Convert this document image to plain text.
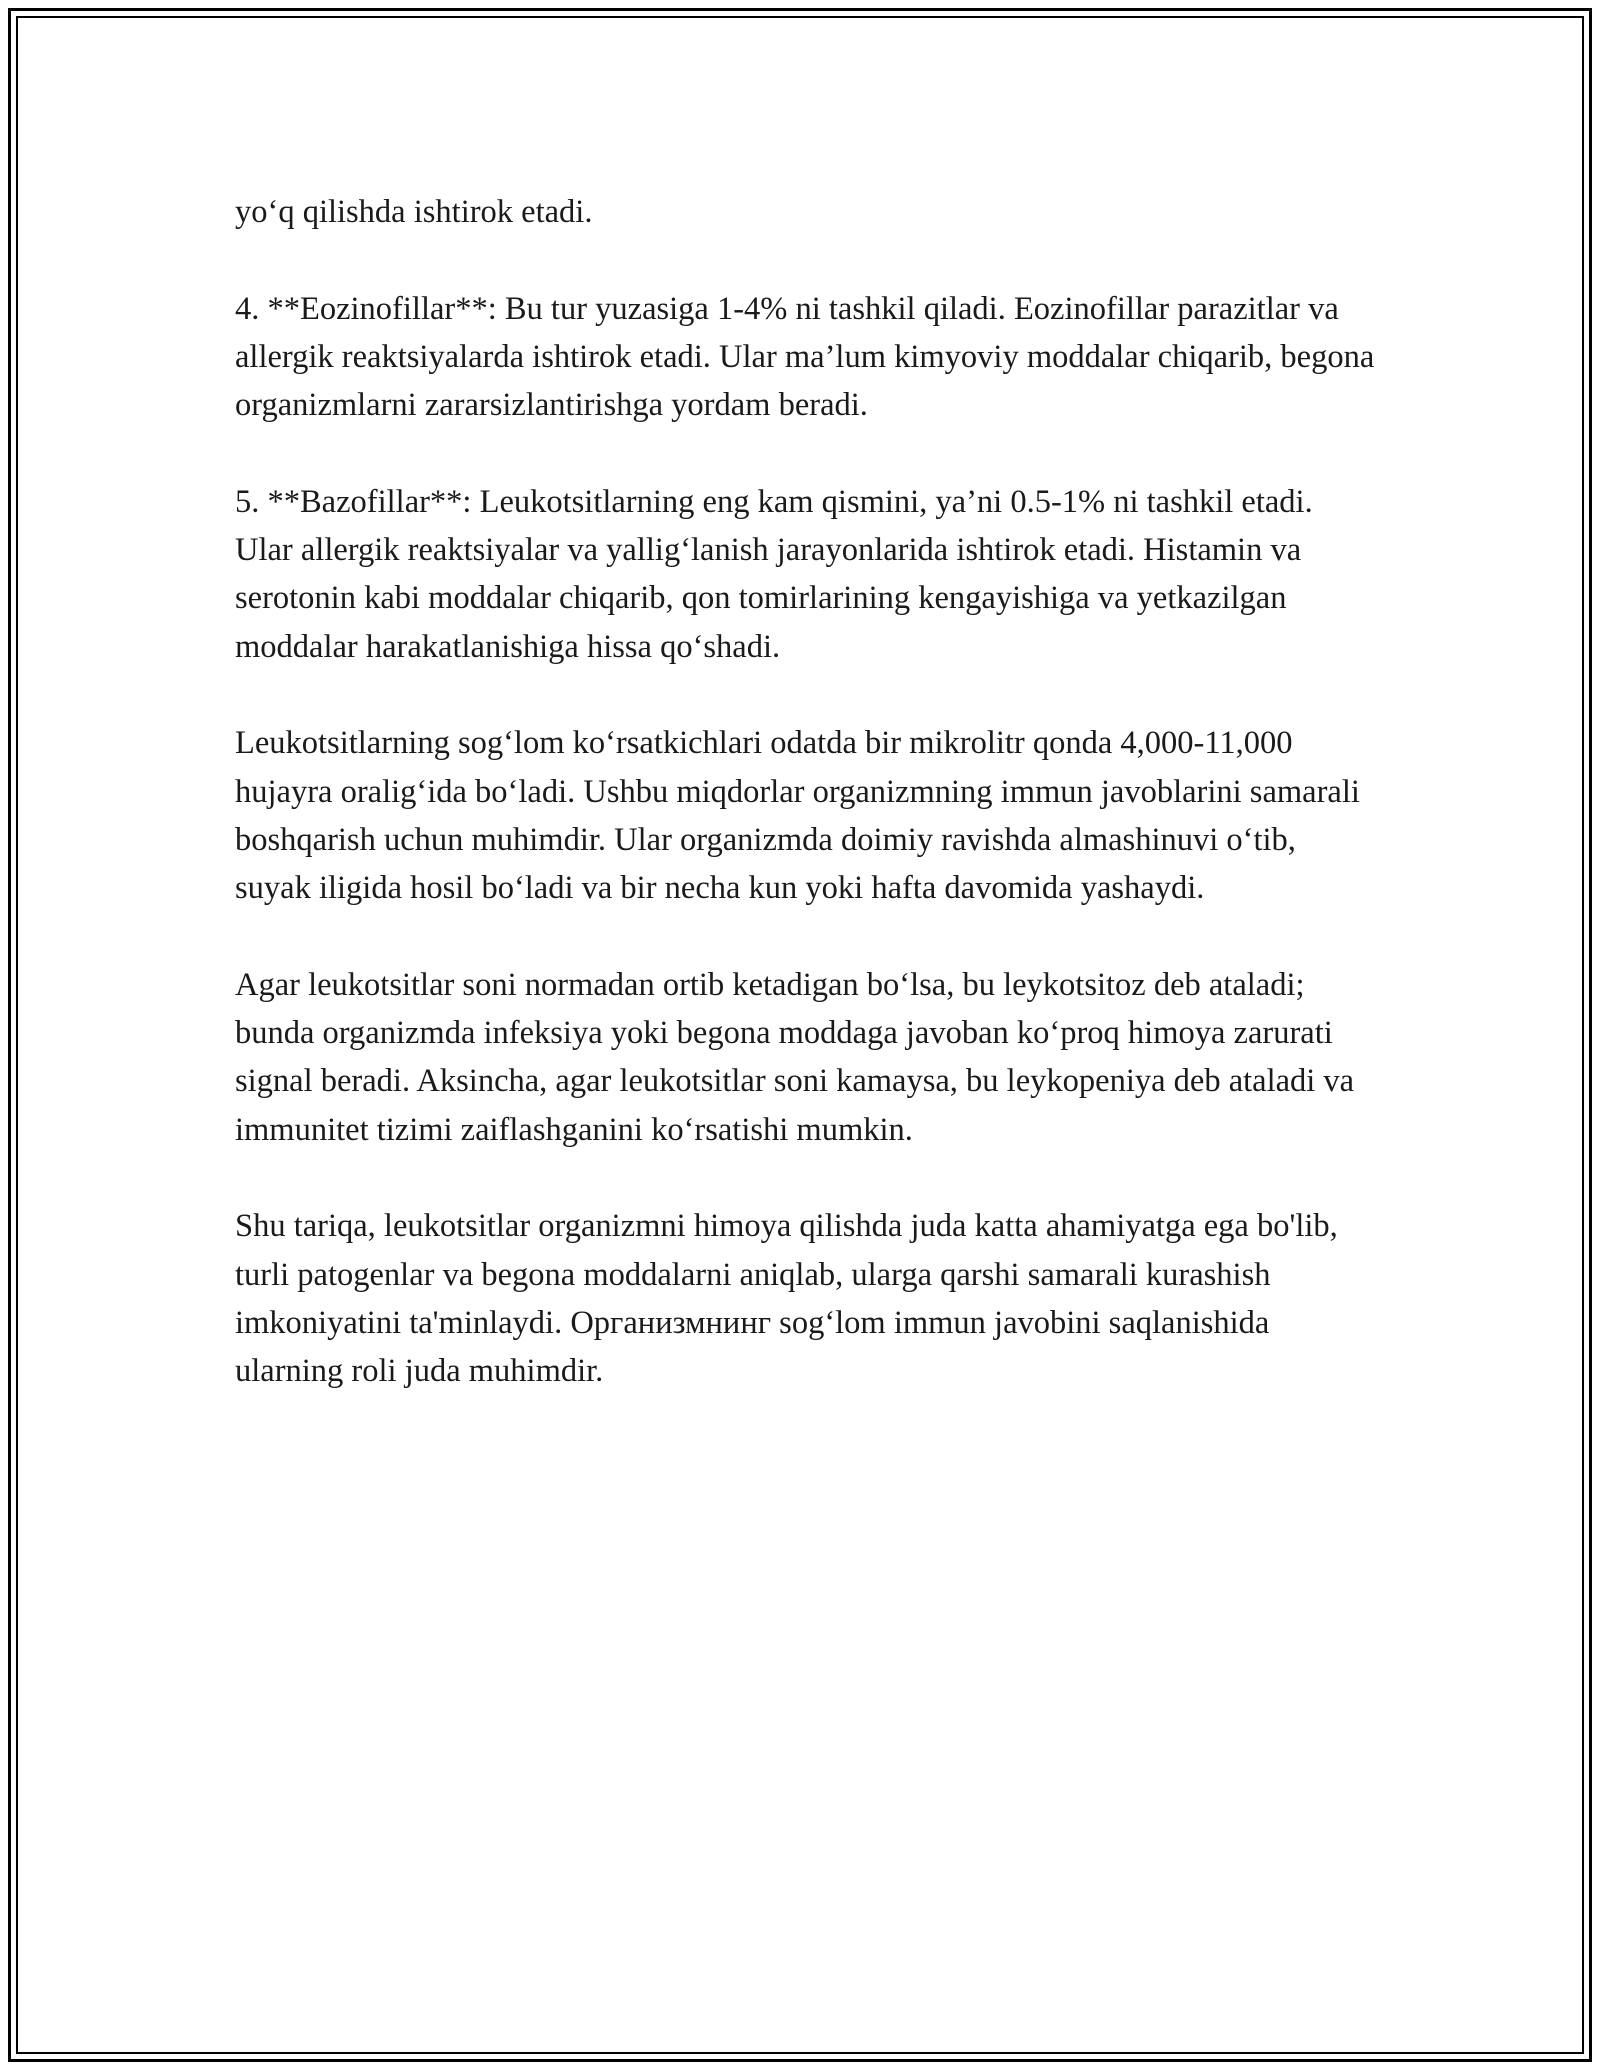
yo‘q qilishda ishtirok etadi.

4. **Eozinofillar**: Bu tur yuzasiga 1-4% ni tashkil qiladi. Eozinofillar parazitlar va allergik reaktsiyalarda ishtirok etadi. Ular ma’lum kimyoviy moddalar chiqarib, begona organizmlarni zararsizlantirishga yordam beradi.

5. **Bazofillar**: Leukotsitlarning eng kam qismini, ya’ni 0.5-1% ni tashkil etadi. Ular allergik reaktsiyalar va yallig‘lanish jarayonlarida ishtirok etadi. Histamin va serotonin kabi moddalar chiqarib, qon tomirlarining kengayishiga va yetkazilgan moddalar harakatlanishiga hissa qo‘shadi.

Leukotsitlarning sog‘lom ko‘rsatkichlari odatda bir mikrolitr qonda 4,000-11,000 hujayra oralig‘ida bo‘ladi. Ushbu miqdorlar organizmning immun javoblarini samarali boshqarish uchun muhimdir. Ular organizmda doimiy ravishda almashinuvi o‘tib, suyak iligida hosil bo‘ladi va bir necha kun yoki hafta davomida yashaydi.

Agar leukotsitlar soni normadan ortib ketadigan bo‘lsa, bu leykotsitoz deb ataladi; bunda organizmda infeksiya yoki begona moddaga javoban ko‘proq himoya zarurati signal beradi. Aksincha, agar leukotsitlar soni kamaysa, bu leykopeniya deb ataladi va immunitet tizimi zaiflashganini ko‘rsatishi mumkin.

Shu tariqa, leukotsitlar organizmni himoya qilishda juda katta ahamiyatga ega bo'lib, turli patogenlar va begona moddalarni aniqlab, ularga qarshi samarali kurashish imkoniyatini ta'minlaydi. Организмнинг sog‘lom immun javobini saqlanishida ularning roli juda muhimdir.
